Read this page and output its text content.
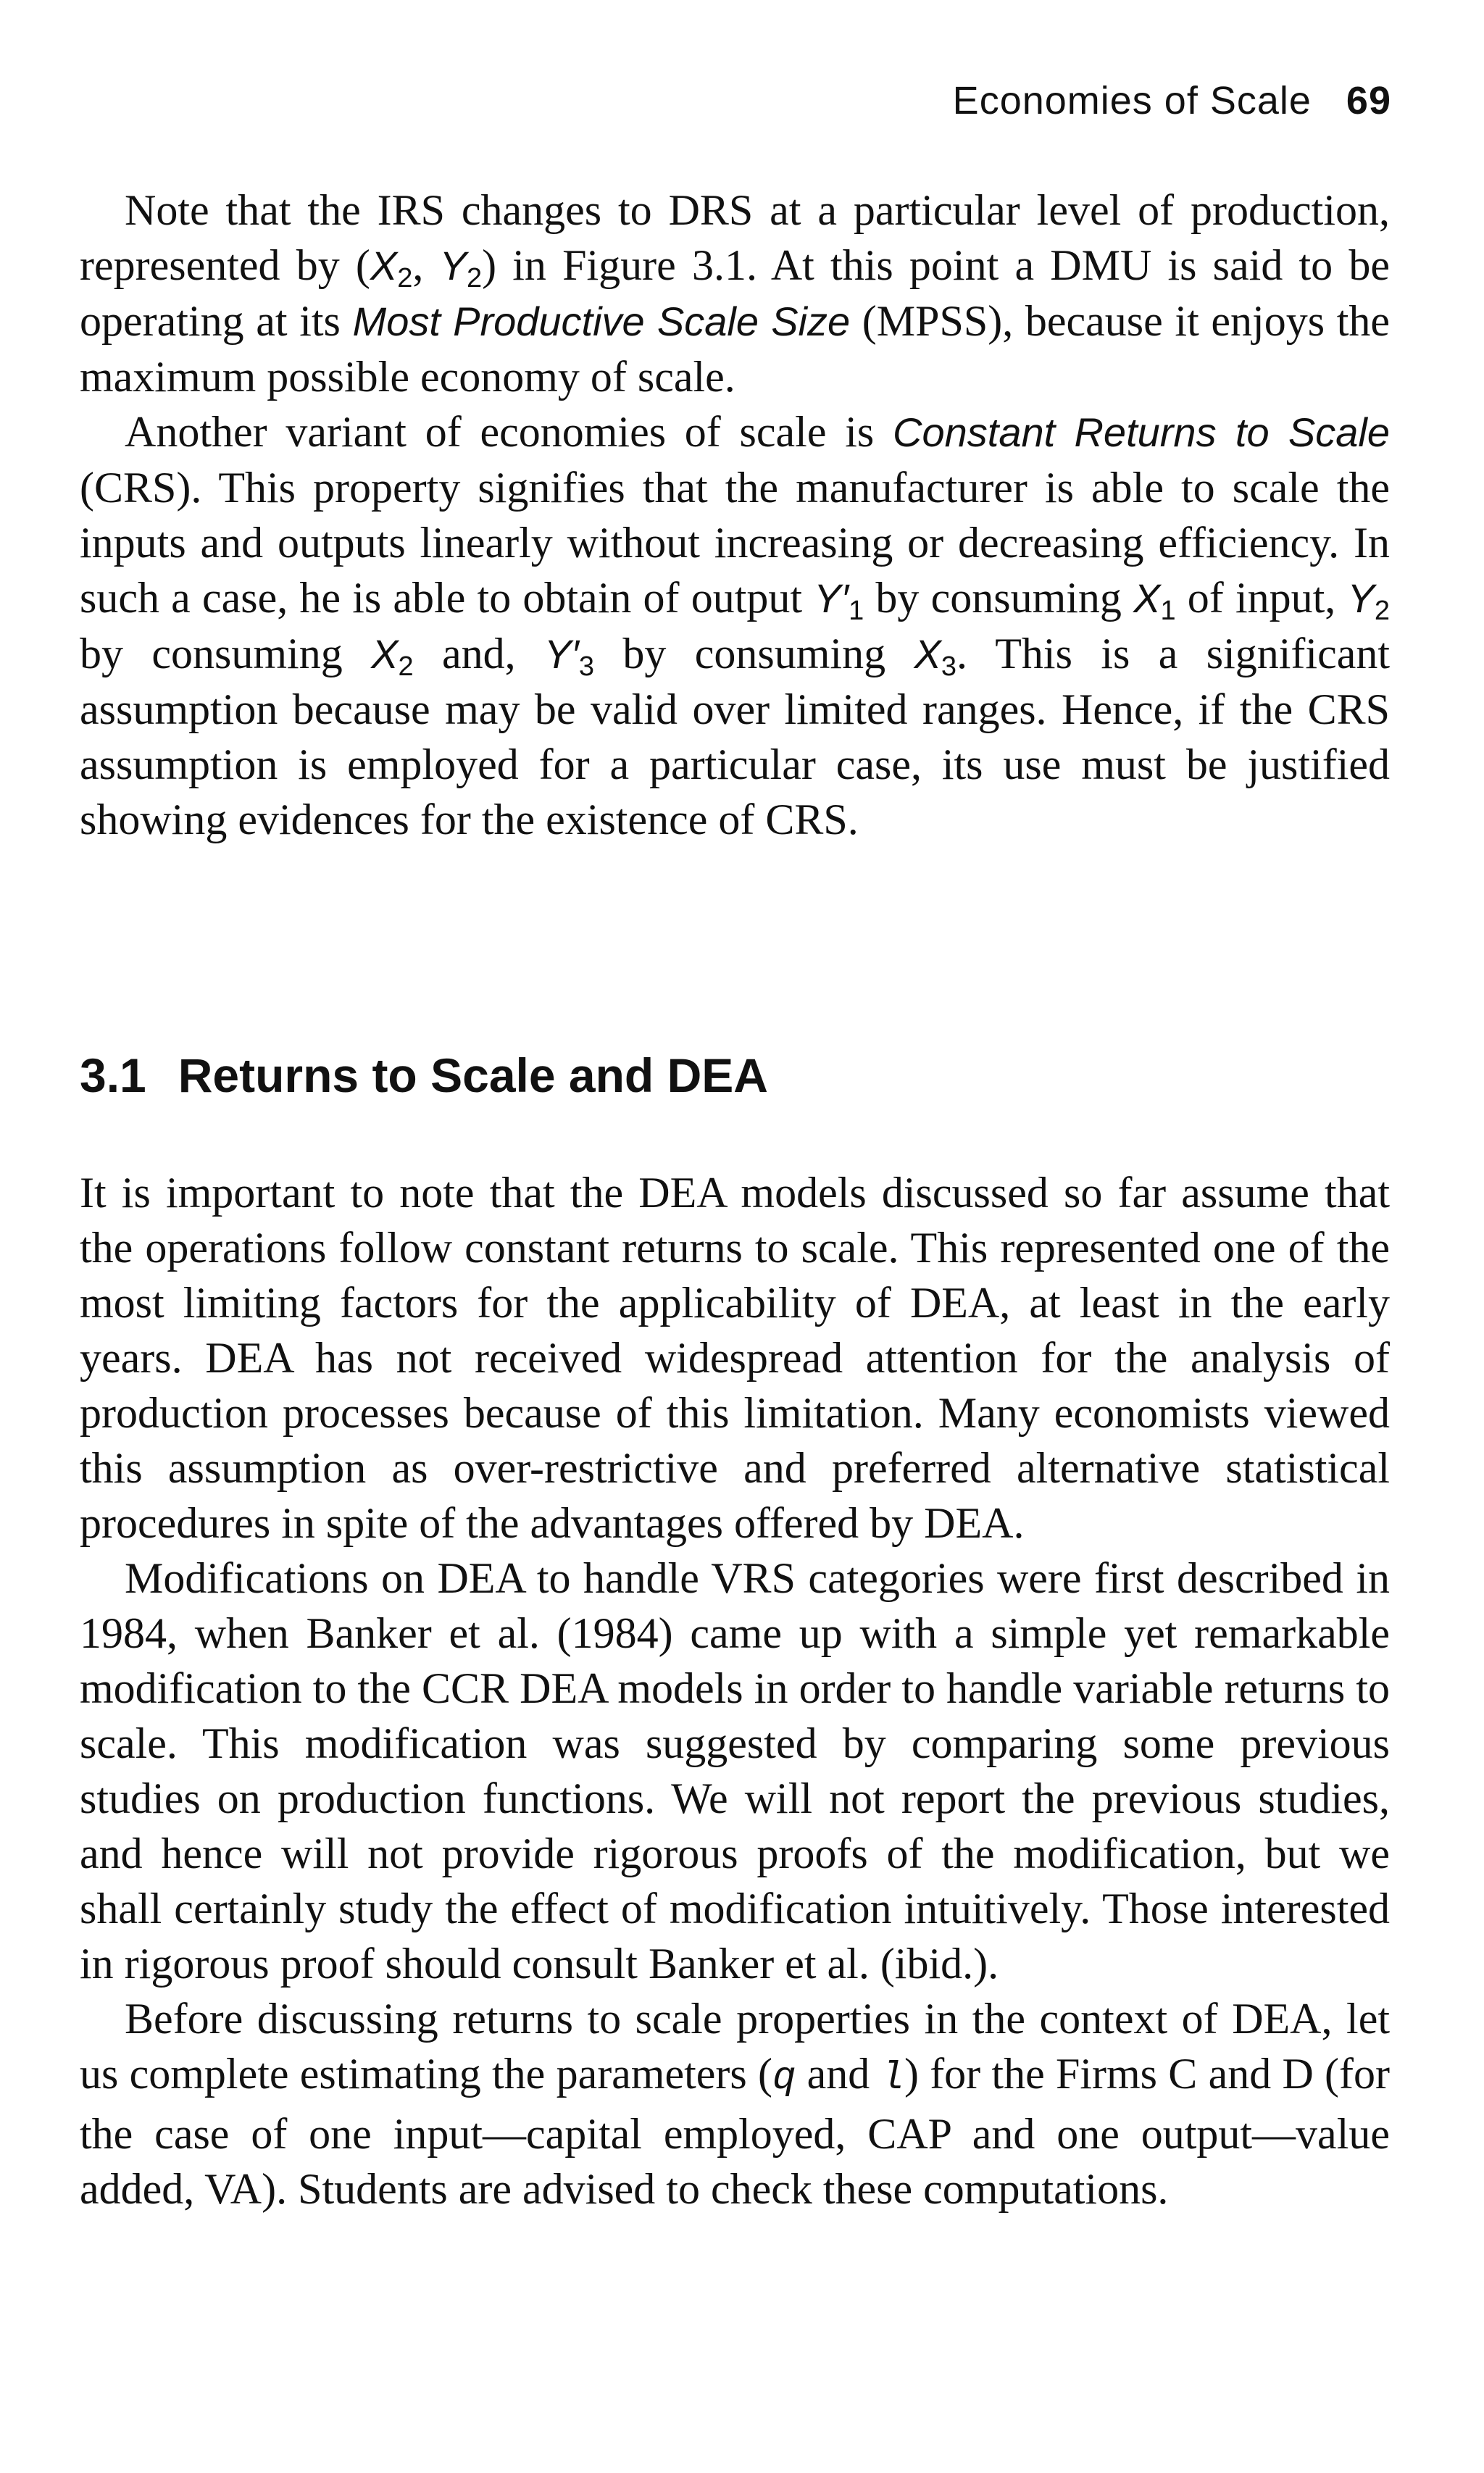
Economies of Scale 69

Note that the IRS changes to DRS at a particular level of production, represented by ($X_2$, $Y_2$) in Figure 3.1. At this point a DMU is said to be operating at its Most Productive Scale Size (MPSS), because it enjoys the maximum possible economy of scale.

Another variant of economies of scale is Constant Returns to Scale (CRS). This property signifies that the manufacturer is able to scale the inputs and outputs linearly without increasing or decreasing efficiency. In such a case, he is able to obtain of output $Y'_1$ by consuming $X_1$ of input, $Y_2$ by consuming $X_2$ and, $Y'_3$ by consuming $X_3$. This is a significant assumption because may be valid over limited ranges. Hence, if the CRS assumption is employed for a particular case, its use must be justified showing evidences for the existence of CRS.

3.1 Returns to Scale and DEA

It is important to note that the DEA models discussed so far assume that the operations follow constant returns to scale. This represented one of the most limiting factors for the applicability of DEA, at least in the early years. DEA has not received widespread attention for the analysis of production processes because of this limitation. Many economists viewed this assumption as over-restrictive and preferred alternative statistical procedures in spite of the advantages offered by DEA.

Modifications on DEA to handle VRS categories were first described in 1984, when Banker et al. (1984) came up with a simple yet remarkable modification to the CCR DEA models in order to handle variable returns to scale. This modification was suggested by comparing some previous studies on production functions. We will not report the previous studies, and hence will not provide rigorous proofs of the modification, but we shall certainly study the effect of modification intuitively. Those interested in rigorous proof should consult Banker et al. (ibid.).

Before discussing returns to scale properties in the context of DEA, let us complete estimating the parameters (q and l) for the Firms C and D (for the case of one input—capital employed, CAP and one output—value added, VA). Students are advised to check these computations.
